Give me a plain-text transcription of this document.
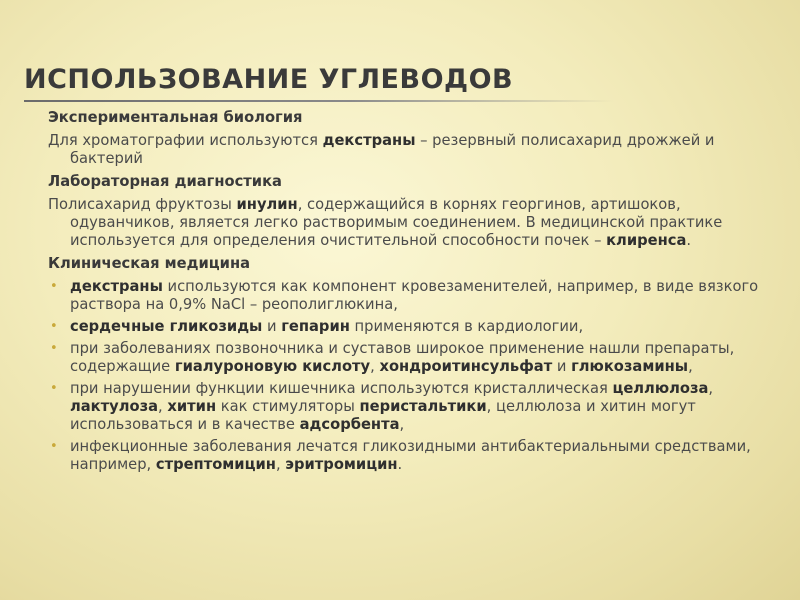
ИСПОЛЬЗОВАНИЕ УГЛЕВОДОВ
Экспериментальная биология
Для хроматографии используются декстраны – резервный полисахарид дрожжей и бактерий
Лабораторная диагностика
Полисахарид фруктозы инулин, содержащийся в корнях георгинов, артишоков, одуванчиков, является легко растворимым соединением. В медицинской практике используется для определения очистительной способности почек – клиренса.
Клиническая медицина
• декстраны используются как компонент кровезаменителей, например, в виде вязкого раствора на 0,9% NaCl – реополиглюкина,
• сердечные гликозиды и гепарин применяются в кардиологии,
• при заболеваниях позвоночника и суставов широкое применение нашли препараты, содержащие гиалуроновую кислоту, хондроитинсульфат и глюкозамины,
• при нарушении функции кишечника используются кристаллическая целлюлоза, лактулоза, хитин как стимуляторы перистальтики, целлюлоза и хитин могут использоваться и в качестве адсорбента,
• инфекционные заболевания лечатся гликозидными антибактериальными средствами, например, стрептомицин, эритромицин.
